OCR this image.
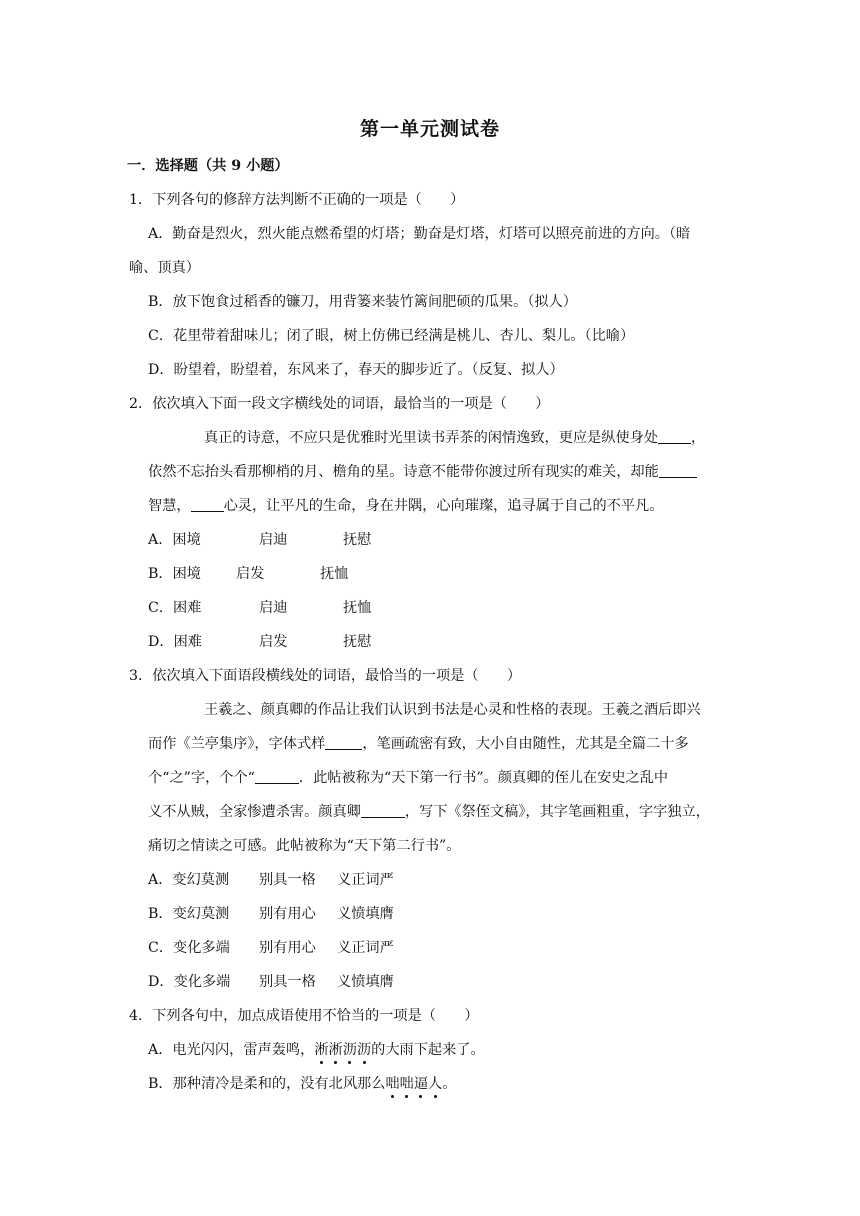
第一单元测试卷
一．选择题（共 9 小题）
1．下列各句的修辞方法判断不正确的一项是（　　）
A．勤奋是烈火，烈火能点燃希望的灯塔；勤奋是灯塔，灯塔可以照亮前进的方向。（暗
喻、顶真）
B．放下饱食过稻香的镰刀，用背篓来装竹篱间肥硕的瓜果。（拟人）
C．花里带着甜味儿；闭了眼，树上仿佛已经满是桃儿、杏儿、梨儿。（比喻）
D．盼望着，盼望着，东风来了，春天的脚步近了。（反复、拟人）
2．依次填入下面一段文字横线处的词语，最恰当的一项是（　　）
真正的诗意，不应只是优雅时光里读书弄茶的闲情逸致，更应是纵使身处 ，
依然不忘抬头看那柳梢的月、檐角的星。诗意不能带你渡过所有现实的难关，却能
智慧， 心灵，让平凡的生命，身在井隅，心向璀璨，追寻属于自己的不平凡。
A．困境	启迪	抚慰
B．困境 启发	抚恤
C．困难	启迪	抚恤
D．困难	启发	抚慰
3．依次填入下面语段横线处的词语，最恰当的一项是（　　）
王羲之、颜真卿的作品让我们认识到书法是心灵和性格的表现。王羲之酒后即兴
而作《兰亭集序》，字体式样	，笔画疏密有致，大小自由随性，尤其是全篇二十多
个“之”字，个个“	．此帖被称为“天下第一行书”。颜真卿的侄儿在安史之乱中
义不从贼，全家惨遭杀害。颜真卿	，写下《祭侄文稿》，其字笔画粗重，字字独立，
痛切之情读之可感。此帖被称为“天下第二行书”。
A．变幻莫测 别具一格 义正词严
B．变幻莫测 别有用心 义愤填膺
C．变化多端 别有用心 义正词严
D．变化多端 别具一格 义愤填膺
4．下列各句中，加点成语使用不恰当的一项是（　　）
A．电光闪闪，雷声轰鸣，淅淅沥沥的大雨下起来了。
B．那种清冷是柔和的，没有北风那么咄咄逼人。
